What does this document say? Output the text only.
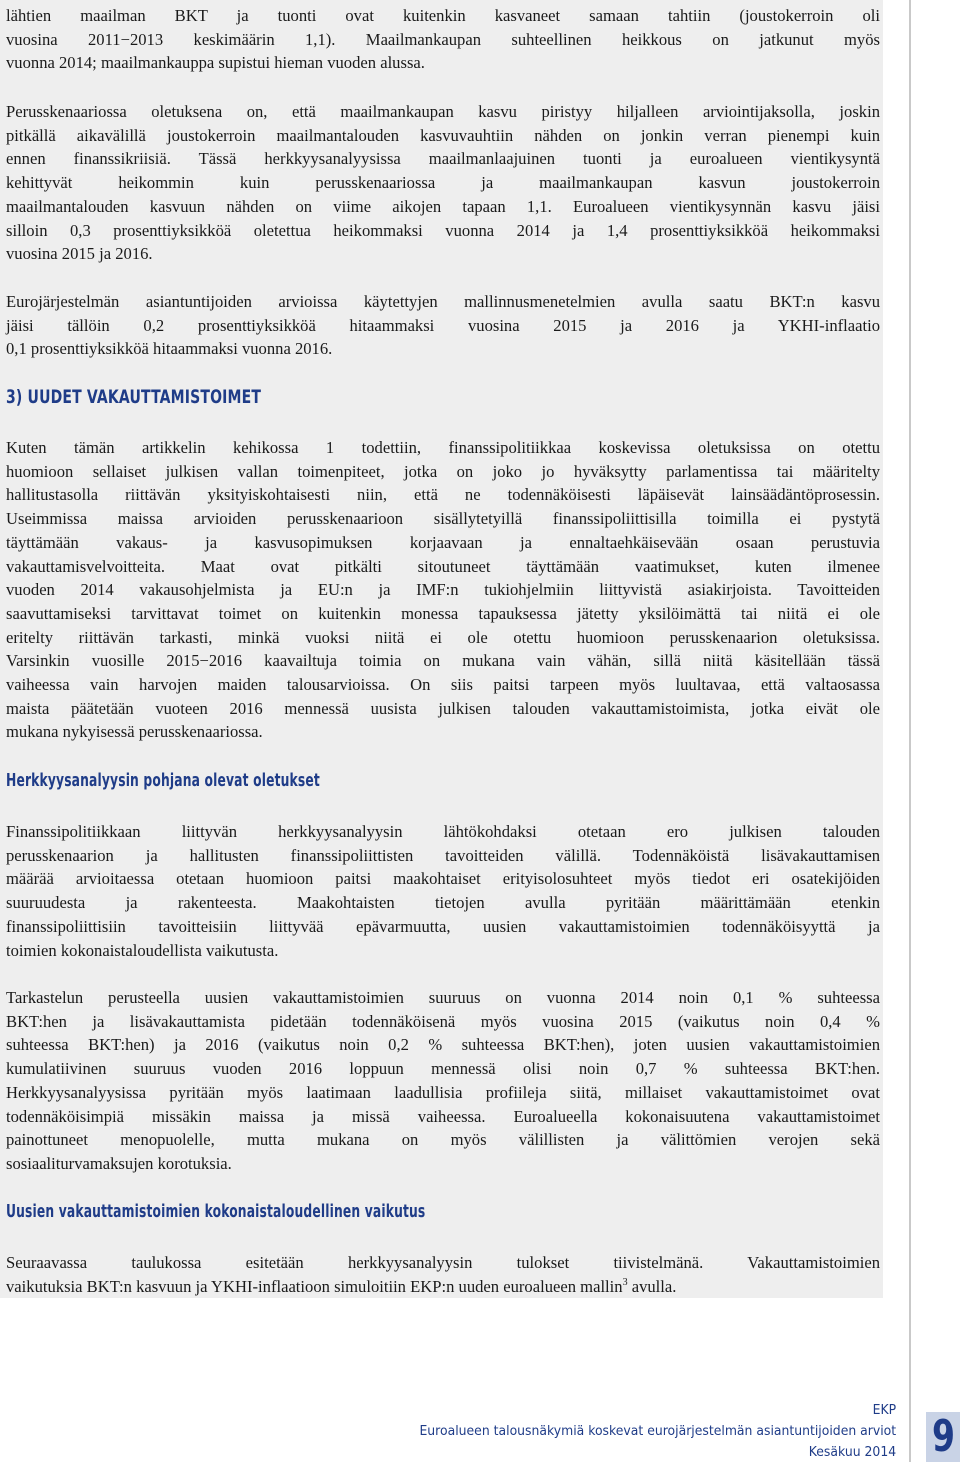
lähtien maailman BKT ja tuonti ovat kuitenkin kasvaneet samaan tahtiin (joustokerroin oli
vuosina 2011−2013 keskimäärin 1,1). Maailmankaupan suhteellinen heikkous on jatkunut myös
vuonna 2014; maailmankauppa supistui hieman vuoden alussa.

Perusskenaariossa oletuksena on, että maailmankaupan kasvu piristyy hiljalleen arviointijaksolla, joskin
pitkällä aikavälillä joustokerroin maailmantalouden kasvuvauhtiin nähden on jonkin verran pienempi kuin
ennen finanssikriisiä. Tässä herkkyysanalyysissa maailmanlaajuinen tuonti ja euroalueen vientikysyntä
kehittyvät heikommin kuin perusskenaariossa ja maailmankaupan kasvun joustokerroin
maailmantalouden kasvuun nähden on viime aikojen tapaan 1,1. Euroalueen vientikysynnän kasvu jäisi
silloin 0,3 prosenttiyksikköä oletettua heikommaksi vuonna 2014 ja 1,4 prosenttiyksikköä heikommaksi
vuosina 2015 ja 2016.

Eurojärjestelmän asiantuntijoiden arvioissa käytettyjen mallinnusmenetelmien avulla saatu BKT:n kasvu
jäisi tällöin 0,2 prosenttiyksikköä hitaammaksi vuosina 2015 ja 2016 ja YKHI-inflaatio
0,1 prosenttiyksikköä hitaammaksi vuonna 2016.

3) UUDET VAKAUTTAMISTOIMET

Kuten tämän artikkelin kehikossa 1 todettiin, finanssipolitiikkaa koskevissa oletuksissa on otettu
huomioon sellaiset julkisen vallan toimenpiteet, jotka on joko jo hyväksytty parlamentissa tai määritelty
hallitustasolla riittävän yksityiskohtaisesti niin, että ne todennäköisesti läpäisevät lainsäädäntöprosessin.
Useimmissa maissa arvioiden perusskenaarioon sisällytetyillä finanssipoliittisilla toimilla ei pystytä
täyttämään vakaus- ja kasvusopimuksen korjaavaan ja ennaltaehkäisevään osaan perustuvia
vakauttamisvelvoitteita. Maat ovat pitkälti sitoutuneet täyttämään vaatimukset, kuten ilmenee
vuoden 2014 vakausohjelmista ja EU:n ja IMF:n tukiohjelmiin liittyvistä asiakirjoista. Tavoitteiden
saavuttamiseksi tarvittavat toimet on kuitenkin monessa tapauksessa jätetty yksilöimättä tai niitä ei ole
eritelty riittävän tarkasti, minkä vuoksi niitä ei ole otettu huomioon perusskenaarion oletuksissa.
Varsinkin vuosille 2015−2016 kaavailtuja toimia on mukana vain vähän, sillä niitä käsitellään tässä
vaiheessa vain harvojen maiden talousarvioissa. On siis paitsi tarpeen myös luultavaa, että valtaosassa
maista päätetään vuoteen 2016 mennessä uusista julkisen talouden vakauttamistoimista, jotka eivät ole
mukana nykyisessä perusskenaariossa.

Herkkyysanalyysin pohjana olevat oletukset

Finanssipolitiikkaan liittyvän herkkyysanalyysin lähtökohdaksi otetaan ero julkisen talouden
perusskenaarion ja hallitusten finanssipoliittisten tavoitteiden välillä. Todennäköistä lisävakauttamisen
määrää arvioitaessa otetaan huomioon paitsi maakohtaiset erityisolosuhteet myös tiedot eri osatekijöiden
suuruudesta ja rakenteesta. Maakohtaisten tietojen avulla pyritään määrittämään etenkin
finanssipoliittisiin tavoitteisiin liittyvää epävarmuutta, uusien vakauttamistoimien todennäköisyyttä ja
toimien kokonaistaloudellista vaikutusta.

Tarkastelun perusteella uusien vakauttamistoimien suuruus on vuonna 2014 noin 0,1 % suhteessa
BKT:hen ja lisävakauttamista pidetään todennäköisenä myös vuosina 2015 (vaikutus noin 0,4 %
suhteessa BKT:hen) ja 2016 (vaikutus noin 0,2 % suhteessa BKT:hen), joten uusien vakauttamistoimien
kumulatiivinen suuruus vuoden 2016 loppuun mennessä olisi noin 0,7 % suhteessa BKT:hen.
Herkkyysanalyysissa pyritään myös laatimaan laadullisia profiileja siitä, millaiset vakauttamistoimet ovat
todennäköisimpiä missäkin maissa ja missä vaiheessa. Euroalueella kokonaisuutena vakauttamistoimet
painottuneet menopuolelle, mutta mukana on myös välillisten ja välittömien verojen sekä
sosiaaliturvamaksujen korotuksia.

Uusien vakauttamistoimien kokonaistaloudellinen vaikutus

Seuraavassa taulukossa esitetään herkkyysanalyysin tulokset tiivistelmänä. Vakauttamistoimien
vaikutuksia BKT:n kasvuun ja YKHI-inflaatioon simuloitiin EKP:n uuden euroalueen mallin$^3$ avulla.

EKP
Euroalueen talousnäkymiä koskevat eurojärjestelmän asiantuntijoiden arviot
Kesäkuu 2014 9
